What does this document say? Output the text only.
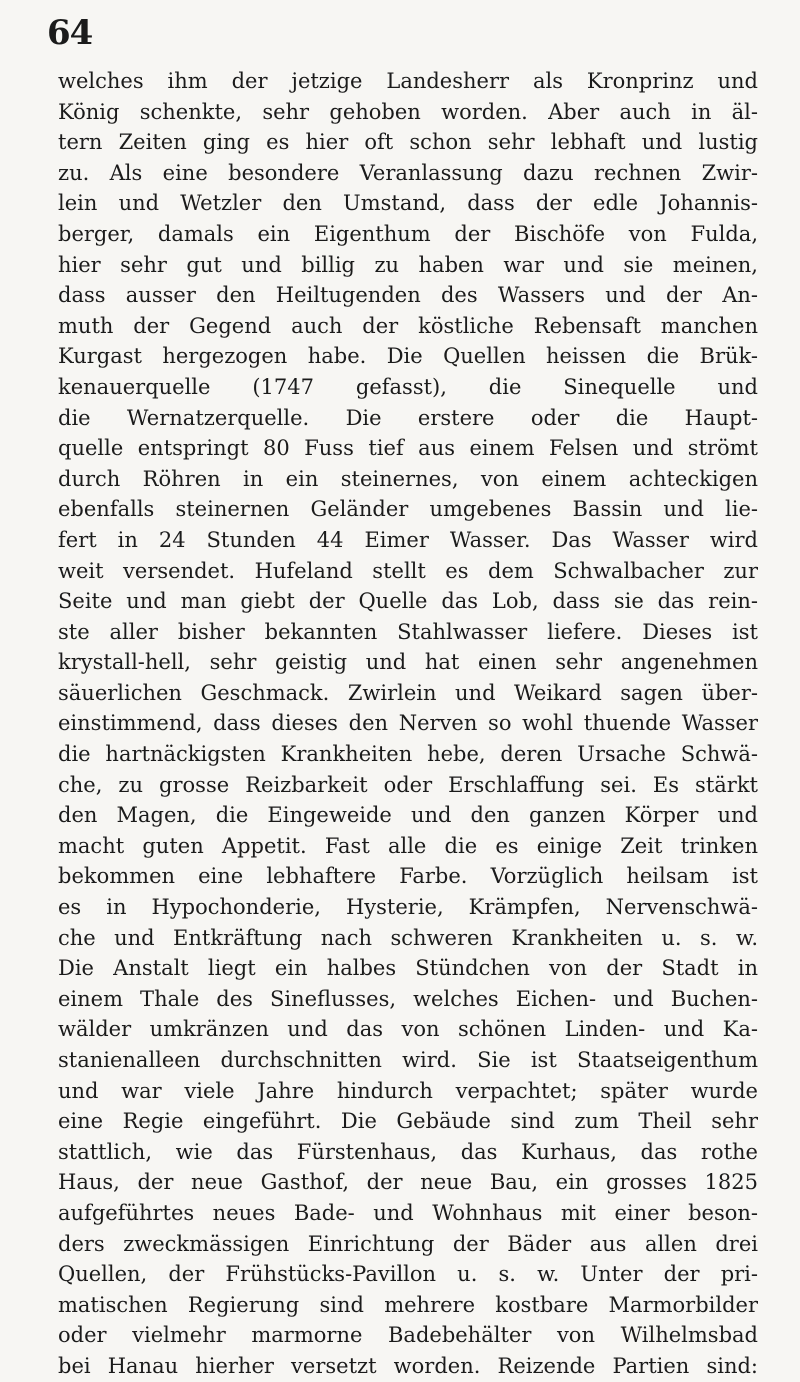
64
welches ihm der jetzige Landesherr als Kronprinz und
König schenkte, sehr gehoben worden. Aber auch in äl-
tern Zeiten ging es hier oft schon sehr lebhaft und lustig
zu. Als eine besondere Veranlassung dazu rechnen Zwir-
lein und Wetzler den Umstand, dass der edle Johannis-
berger, damals ein Eigenthum der Bischöfe von Fulda,
hier sehr gut und billig zu haben war und sie meinen,
dass ausser den Heiltugenden des Wassers und der An-
muth der Gegend auch der köstliche Rebensaft manchen
Kurgast hergezogen habe. Die Quellen heissen die Brük-
kenauerquelle (1747 gefasst), die Sinequelle und
die Wernatzerquelle. Die erstere oder die Haupt-
quelle entspringt 80 Fuss tief aus einem Felsen und strömt
durch Röhren in ein steinernes, von einem achteckigen
ebenfalls steinernen Geländer umgebenes Bassin und lie-
fert in 24 Stunden 44 Eimer Wasser. Das Wasser wird
weit versendet. Hufeland stellt es dem Schwalbacher zur
Seite und man giebt der Quelle das Lob, dass sie das rein-
ste aller bisher bekannten Stahlwasser liefere. Dieses ist
krystall-hell, sehr geistig und hat einen sehr angenehmen
säuerlichen Geschmack. Zwirlein und Weikard sagen über-
einstimmend, dass dieses den Nerven so wohl thuende Wasser
die hartnäckigsten Krankheiten hebe, deren Ursache Schwä-
che, zu grosse Reizbarkeit oder Erschlaffung sei. Es stärkt
den Magen, die Eingeweide und den ganzen Körper und
macht guten Appetit. Fast alle die es einige Zeit trinken
bekommen eine lebhaftere Farbe. Vorzüglich heilsam ist
es in Hypochonderie, Hysterie, Krämpfen, Nervenschwä-
che und Entkräftung nach schweren Krankheiten u. s. w.
Die Anstalt liegt ein halbes Stündchen von der Stadt in
einem Thale des Sineflusses, welches Eichen- und Buchen-
wälder umkränzen und das von schönen Linden- und Ka-
stanienalleen durchschnitten wird. Sie ist Staatseigenthum
und war viele Jahre hindurch verpachtet; später wurde
eine Regie eingeführt. Die Gebäude sind zum Theil sehr
stattlich, wie das Fürstenhaus, das Kurhaus, das rothe
Haus, der neue Gasthof, der neue Bau, ein grosses 1825
aufgeführtes neues Bade- und Wohnhaus mit einer beson-
ders zweckmässigen Einrichtung der Bäder aus allen drei
Quellen, der Frühstücks-Pavillon u. s. w. Unter der pri-
matischen Regierung sind mehrere kostbare Marmorbilder
oder vielmehr marmorne Badebehälter von Wilhelmsbad
bei Hanau hierher versetzt worden. Reizende Partien sind:
